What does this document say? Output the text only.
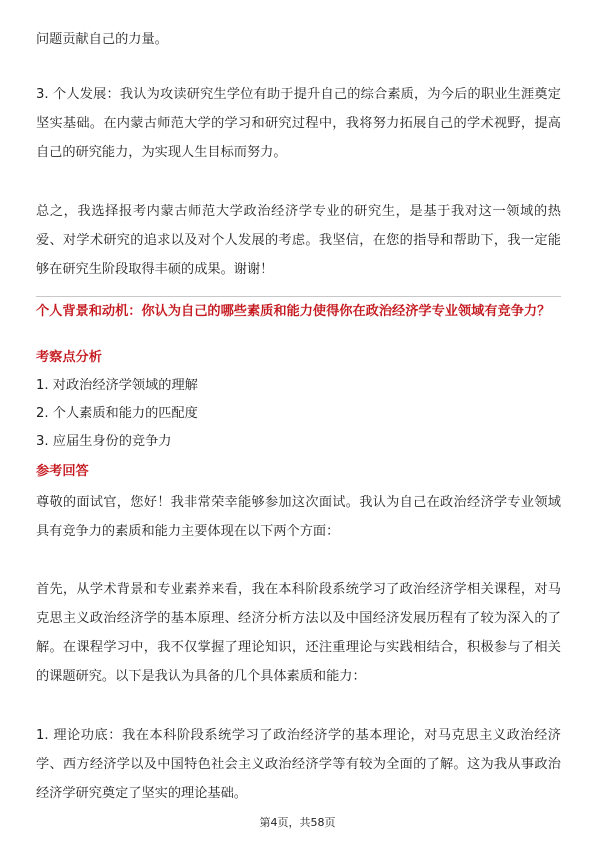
问题贡献自己的力量。

3. 个人发展：我认为攻读研究生学位有助于提升自己的综合素质，为今后的职业生涯奠定坚实基础。在内蒙古师范大学的学习和研究过程中，我将努力拓展自己的学术视野，提高自己的研究能力，为实现人生目标而努力。

总之，我选择报考内蒙古师范大学政治经济学专业的研究生，是基于我对这一领域的热爱、对学术研究的追求以及对个人发展的考虑。我坚信，在您的指导和帮助下，我一定能够在研究生阶段取得丰硕的成果。谢谢！

个人背景和动机：你认为自己的哪些素质和能力使得你在政治经济学专业领域有竞争力？

考察点分析

1. 对政治经济学领域的理解

2. 个人素质和能力的匹配度

3. 应届生身份的竞争力

参考回答

尊敬的面试官，您好！我非常荣幸能够参加这次面试。我认为自己在政治经济学专业领域具有竞争力的素质和能力主要体现在以下两个方面：

首先，从学术背景和专业素养来看，我在本科阶段系统学习了政治经济学相关课程，对马克思主义政治经济学的基本原理、经济分析方法以及中国经济发展历程有了较为深入的了解。在课程学习中，我不仅掌握了理论知识，还注重理论与实践相结合，积极参与了相关的课题研究。以下是我认为具备的几个具体素质和能力：

1. 理论功底：我在本科阶段系统学习了政治经济学的基本理论，对马克思主义政治经济学、西方经济学以及中国特色社会主义政治经济学等有较为全面的了解。这为我从事政治经济学研究奠定了坚实的理论基础。

第4页，共58页
